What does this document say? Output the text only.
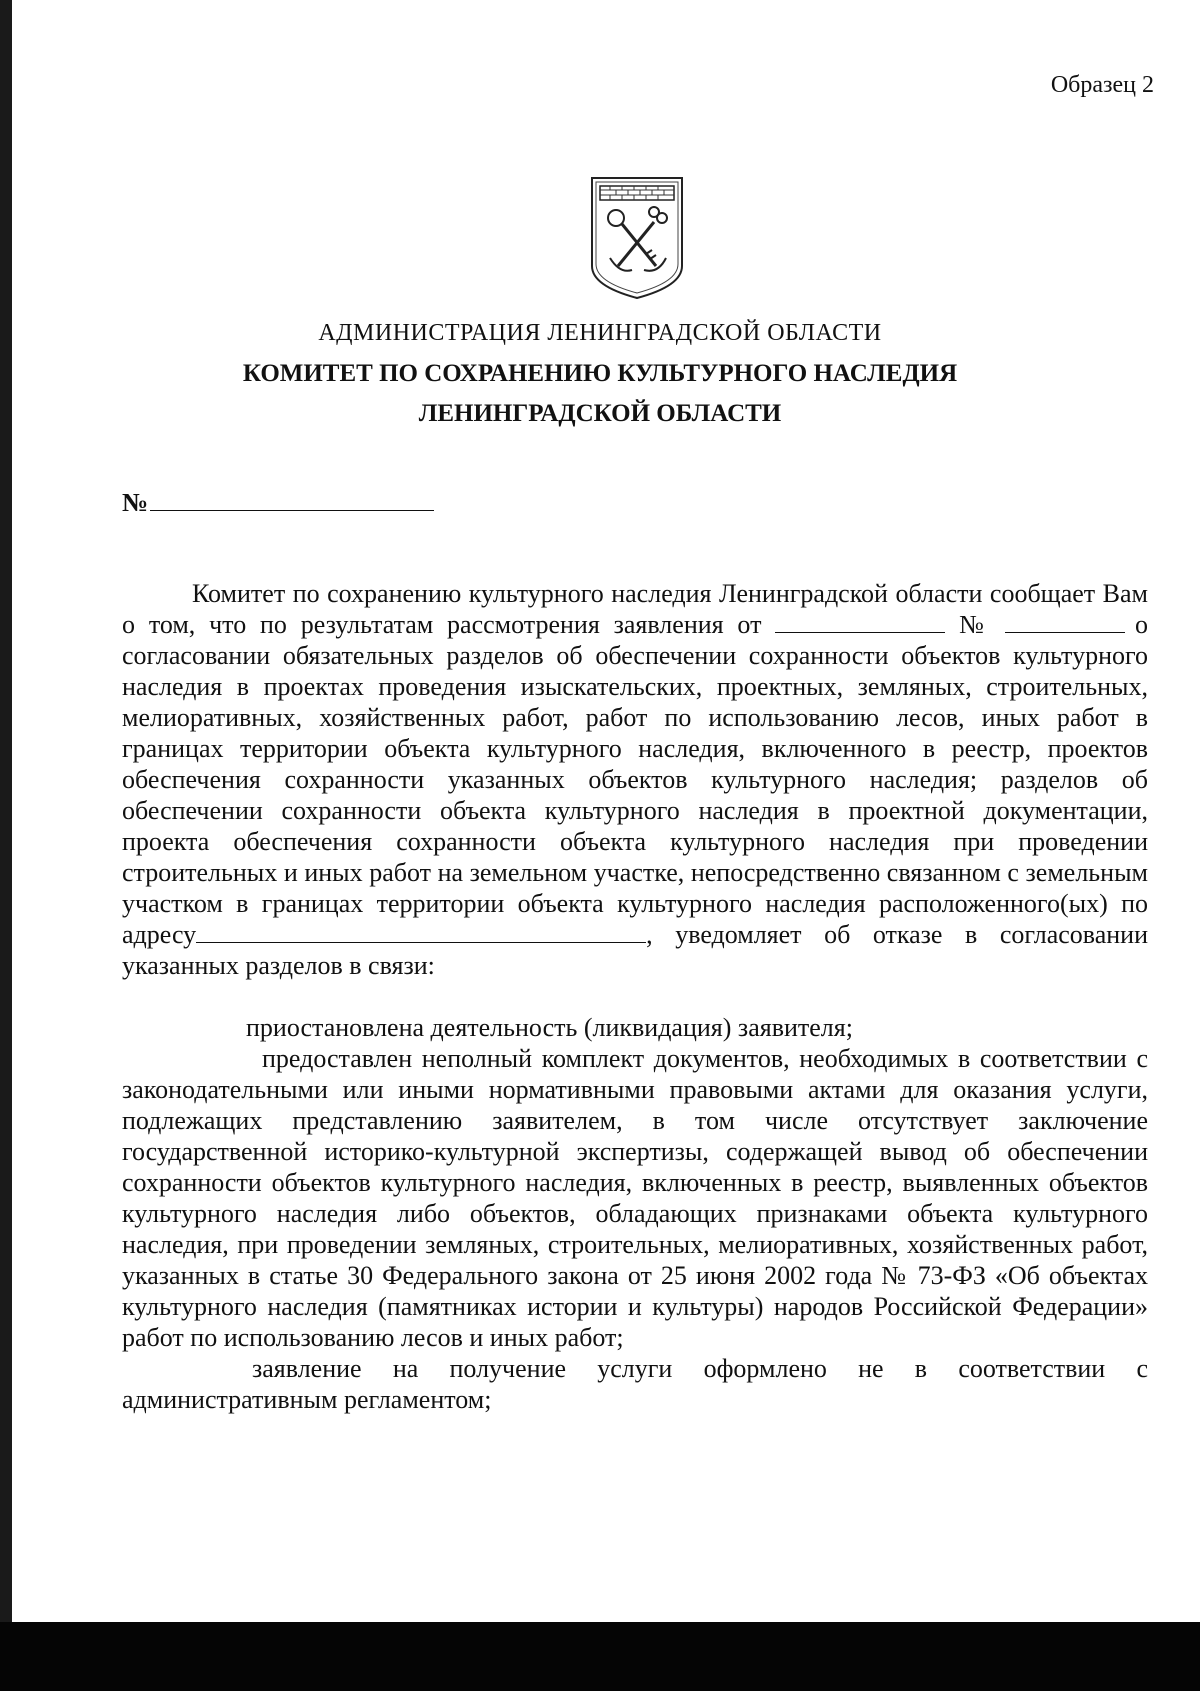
Образец 2
АДМИНИСТРАЦИЯ ЛЕНИНГРАДСКОЙ ОБЛАСТИ
КОМИТЕТ ПО СОХРАНЕНИЮ КУЛЬТУРНОГО НАСЛЕДИЯ
ЛЕНИНГРАДСКОЙ ОБЛАСТИ
№

Комитет по сохранению культурного наследия Ленинградской области сообщает Вам о том, что по результатам рассмотрения заявления от	№	о согласовании обязательных разделов об обеспечении сохранности объектов культурного наследия в проектах проведения изыскательских, проектных, земляных, строительных, мелиоративных, хозяйственных работ, работ по использованию лесов, иных работ в границах территории объекта культурного наследия, включенного в реестр, проектов обеспечения сохранности указанных объектов культурного наследия; разделов об обеспечении сохранности объекта культурного наследия в проектной документации, проекта обеспечения сохранности объекта культурного наследия при проведении строительных и иных работ на земельном участке, непосредственно связанном с земельным участком в границах территории объекта культурного наследия расположенного(ых) по адресу	, уведомляет об отказе в согласовании указанных разделов в связи:

приостановлена деятельность (ликвидация) заявителя;

предоставлен неполный комплект документов, необходимых в соответствии с законодательными или иными нормативными правовыми актами для оказания услуги, подлежащих представлению заявителем, в том числе отсутствует заключение государственной историко-культурной экспертизы, содержащей вывод об обеспечении сохранности объектов культурного наследия, включенных в реестр, выявленных объектов культурного наследия либо объектов, обладающих признаками объекта культурного наследия, при проведении земляных, строительных, мелиоративных, хозяйственных работ, указанных в статье 30 Федерального закона от 25 июня 2002 года № 73-ФЗ «Об объектах культурного наследия (памятниках истории и культуры) народов Российской Федерации» работ по использованию лесов и иных работ;

заявление на получение услуги оформлено не в соответствии с административным регламентом;
